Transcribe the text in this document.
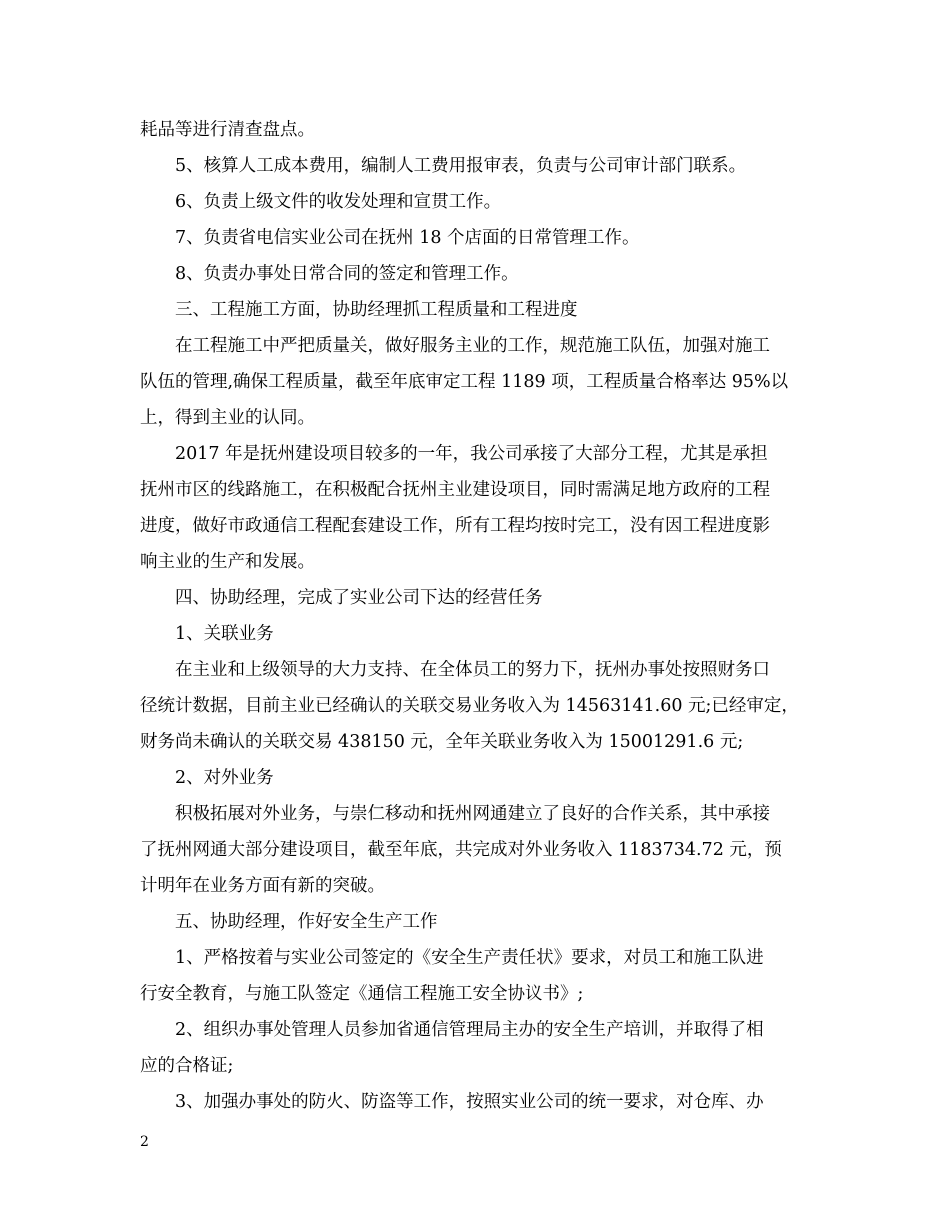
耗品等进行清查盘点。
5、核算人工成本费用，编制人工费用报审表，负责与公司审计部门联系。
6、负责上级文件的收发处理和宣贯工作。
7、负责省电信实业公司在抚州 18 个店面的日常管理工作。
8、负责办事处日常合同的签定和管理工作。
三、工程施工方面，协助经理抓工程质量和工程进度
在工程施工中严把质量关，做好服务主业的工作，规范施工队伍，加强对施工
队伍的管理,确保工程质量，截至年底审定工程 1189 项，工程质量合格率达 95%以
上，得到主业的认同。
2017 年是抚州建设项目较多的一年，我公司承接了大部分工程，尤其是承担
抚州市区的线路施工，在积极配合抚州主业建设项目，同时需满足地方政府的工程
进度，做好市政通信工程配套建设工作，所有工程均按时完工，没有因工程进度影
响主业的生产和发展。
四、协助经理，完成了实业公司下达的经营任务
1、关联业务
在主业和上级领导的大力支持、在全体员工的努力下，抚州办事处按照财务口
径统计数据，目前主业已经确认的关联交易业务收入为 14563141.60 元;已经审定，
财务尚未确认的关联交易 438150 元，全年关联业务收入为 15001291.6 元;
2、对外业务
积极拓展对外业务，与崇仁移动和抚州网通建立了良好的合作关系，其中承接
了抚州网通大部分建设项目，截至年底，共完成对外业务收入 1183734.72 元，预
计明年在业务方面有新的突破。
五、协助经理，作好安全生产工作
1、严格按着与实业公司签定的《安全生产责任状》要求，对员工和施工队进
行安全教育，与施工队签定《通信工程施工安全协议书》;
2、组织办事处管理人员参加省通信管理局主办的安全生产培训，并取得了相
应的合格证;
3、加强办事处的防火、防盗等工作，按照实业公司的统一要求，对仓库、办
2
